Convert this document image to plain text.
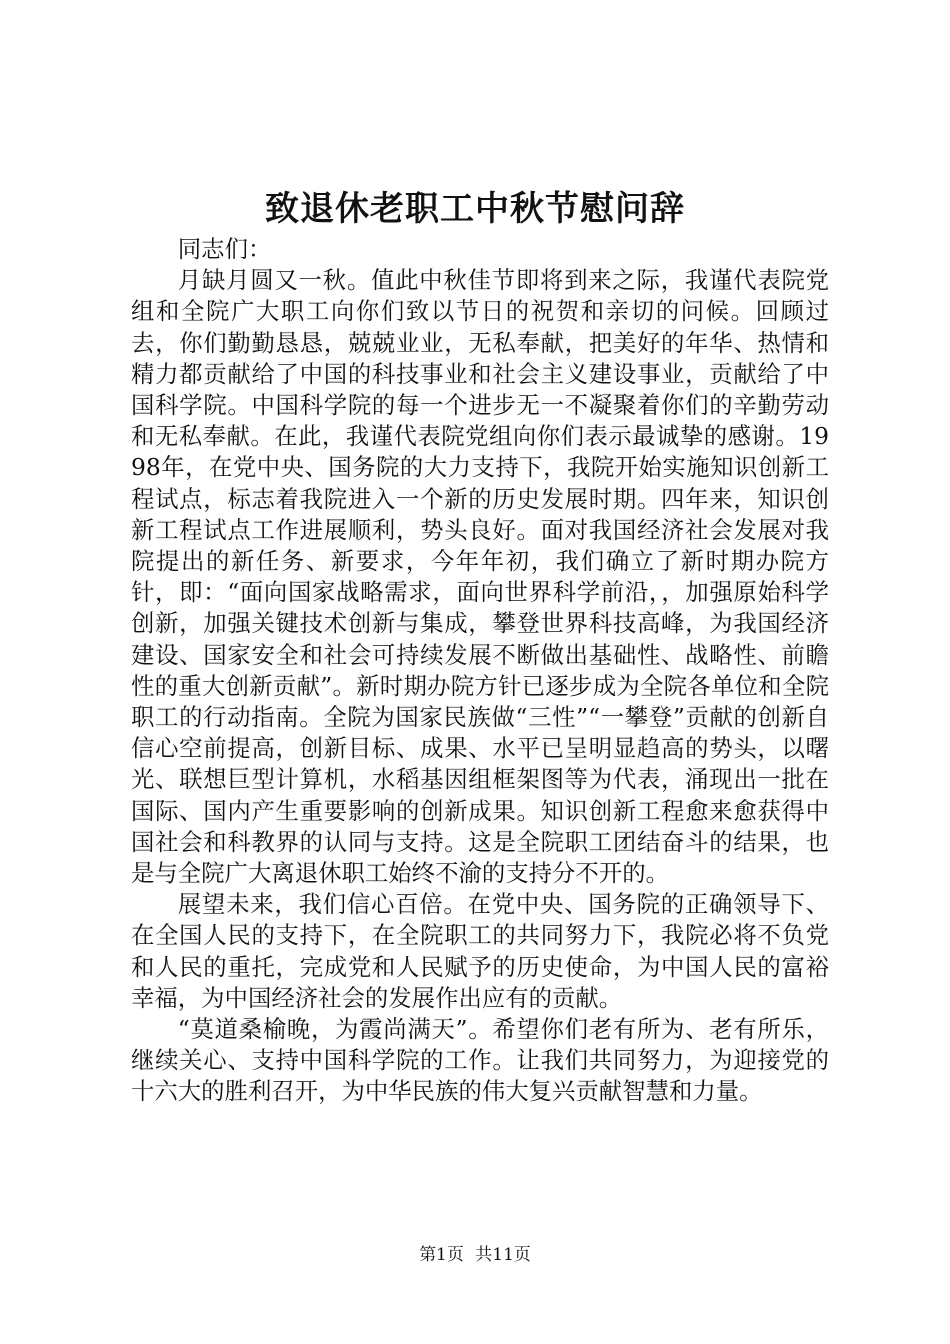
致退休老职工中秋节慰问辞

同志们：

月缺月圆又一秋。值此中秋佳节即将到来之际，我谨代表院党组和全院广大职工向你们致以节日的祝贺和亲切的问候。回顾过去，你们勤勤恳恳，兢兢业业，无私奉献，把美好的年华、热情和精力都贡献给了中国的科技事业和社会主义建设事业，贡献给了中国科学院。中国科学院的每一个进步无一不凝聚着你们的辛勤劳动和无私奉献。在此，我谨代表院党组向你们表示最诚挚的感谢。1998年，在党中央、国务院的大力支持下，我院开始实施知识创新工程试点，标志着我院进入一个新的历史发展时期。四年来，知识创新工程试点工作进展顺利，势头良好。面对我国经济社会发展对我院提出的新任务、新要求，今年年初，我们确立了新时期办院方针，即：“面向国家战略需求，面向世界科学前沿，，加强原始科学创新，加强关键技术创新与集成，攀登世界科技高峰，为我国经济建设、国家安全和社会可持续发展不断做出基础性、战略性、前瞻性的重大创新贡献”。新时期办院方针已逐步成为全院各单位和全院职工的行动指南。全院为国家民族做“三性”“一攀登”贡献的创新自信心空前提高，创新目标、成果、水平已呈明显趋高的势头，以曙光、联想巨型计算机，水稻基因组框架图等为代表，涌现出一批在国际、国内产生重要影响的创新成果。知识创新工程愈来愈获得中国社会和科教界的认同与支持。这是全院职工团结奋斗的结果，也是与全院广大离退休职工始终不渝的支持分不开的。

展望未来，我们信心百倍。在党中央、国务院的正确领导下、在全国人民的支持下，在全院职工的共同努力下，我院必将不负党和人民的重托，完成党和人民赋予的历史使命，为中国人民的富裕幸福，为中国经济社会的发展作出应有的贡献。

“莫道桑榆晚，为霞尚满天”。希望你们老有所为、老有所乐，继续关心、支持中国科学院的工作。让我们共同努力，为迎接党的十六大的胜利召开，为中华民族的伟大复兴贡献智慧和力量。

第1页 共11页
